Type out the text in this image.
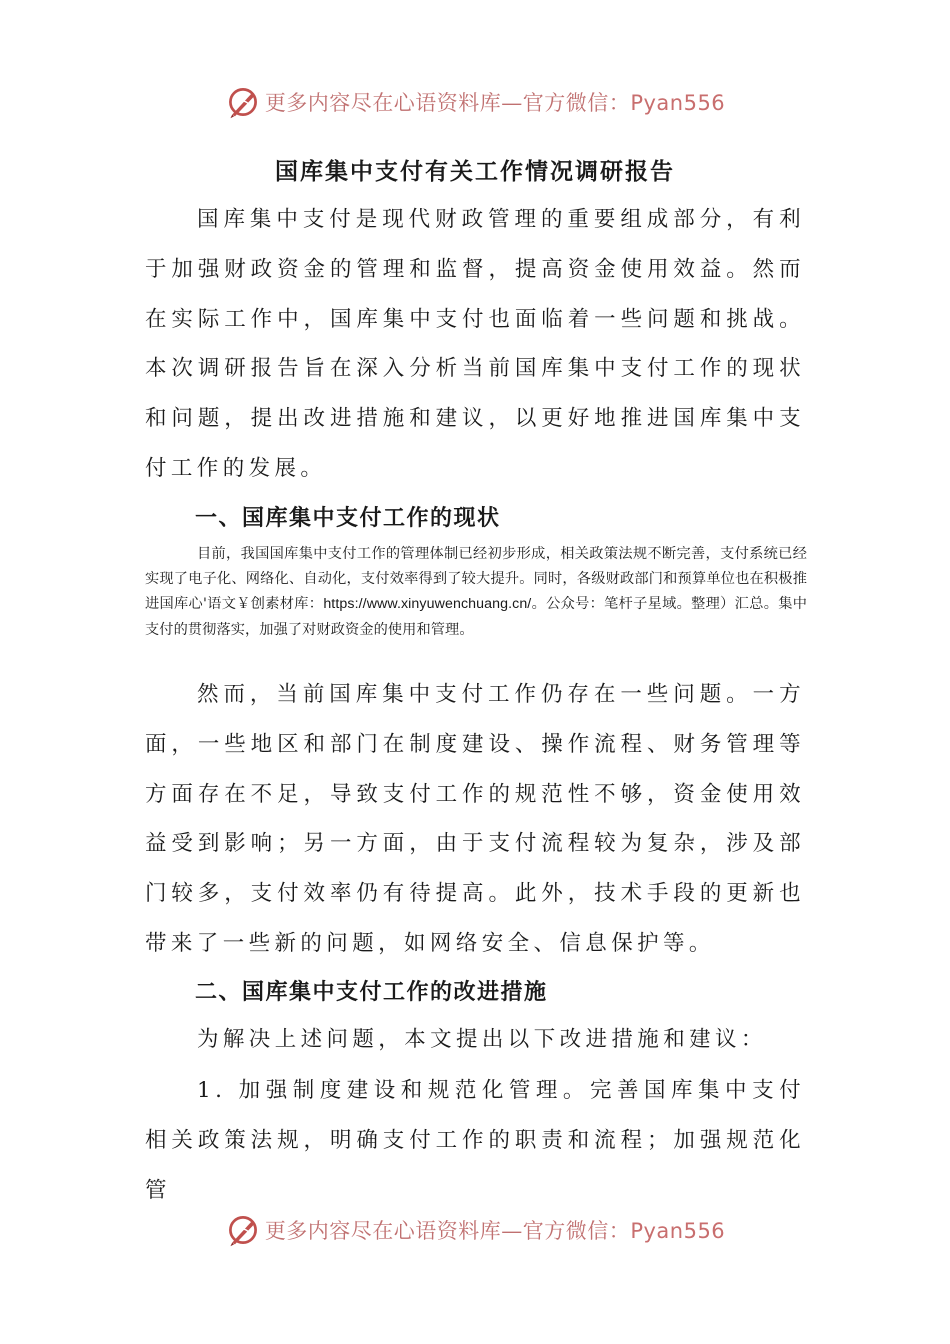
更多内容尽在心语资料库—官方微信：Pyan556
国库集中支付有关工作情况调研报告
国库集中支付是现代财政管理的重要组成部分，有利于加强财政资金的管理和监督，提高资金使用效益。然而在实际工作中，国库集中支付也面临着一些问题和挑战。本次调研报告旨在深入分析当前国库集中支付工作的现状和问题，提出改进措施和建议，以更好地推进国库集中支付工作的发展。
一、国库集中支付工作的现状
目前，我国国库集中支付工作的管理体制已经初步形成，相关政策法规不断完善，支付系统已经实现了电子化、网络化、自动化，支付效率得到了较大提升。同时，各级财政部门和预算单位也在积极推进国库心'语文￥创素材库：https://www.xinyuwenchuang.cn/。公众号：笔杆子星域。整理）汇总。集中支付的贯彻落实，加强了对财政资金的使用和管理。
然而，当前国库集中支付工作仍存在一些问题。一方面，一些地区和部门在制度建设、操作流程、财务管理等方面存在不足，导致支付工作的规范性不够，资金使用效益受到影响；另一方面，由于支付流程较为复杂，涉及部门较多，支付效率仍有待提高。此外，技术手段的更新也带来了一些新的问题，如网络安全、信息保护等。
二、国库集中支付工作的改进措施
为解决上述问题，本文提出以下改进措施和建议：
1. 加强制度建设和规范化管理。完善国库集中支付相关政策法规，明确支付工作的职责和流程；加强规范化管
更多内容尽在心语资料库—官方微信：Pyan556
